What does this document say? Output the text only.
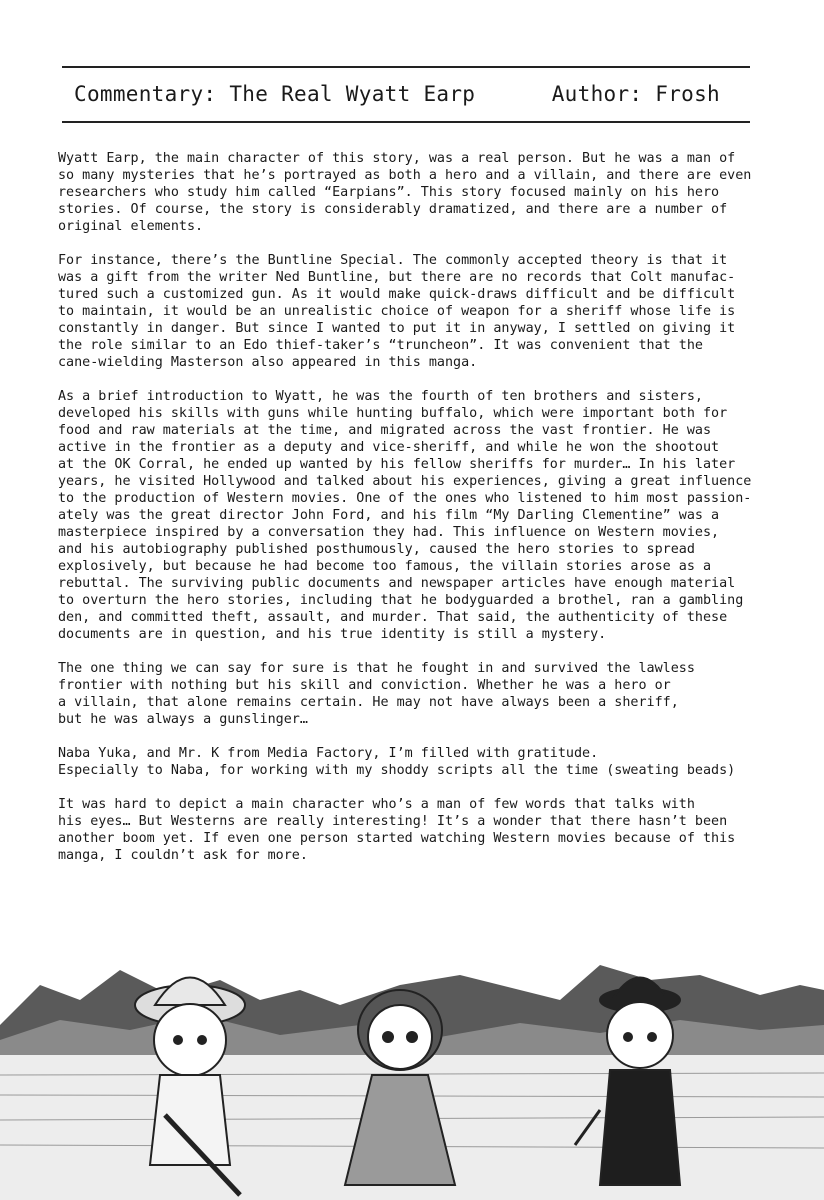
Commentary: The Real Wyatt Earp	Author: Frosh

Wyatt Earp, the main character of this story, was a real person. But he was a man of
so many mysteries that he’s portrayed as both a hero and a villain, and there are even
researchers who study him called “Earpians”. This story focused mainly on his hero
stories. Of course, the story is considerably dramatized, and there are a number of
original elements.

For instance, there’s the Buntline Special. The commonly accepted theory is that it
was a gift from the writer Ned Buntline, but there are no records that Colt manufac-
tured such a customized gun. As it would make quick-draws difficult and be difficult
to maintain, it would be an unrealistic choice of weapon for a sheriff whose life is
constantly in danger. But since I wanted to put it in anyway, I settled on giving it
the role similar to an Edo thief-taker’s “truncheon”. It was convenient that the
cane-wielding Masterson also appeared in this manga.

As a brief introduction to Wyatt, he was the fourth of ten brothers and sisters,
developed his skills with guns while hunting buffalo, which were important both for
food and raw materials at the time, and migrated across the vast frontier. He was
active in the frontier as a deputy and vice-sheriff, and while he won the shootout
at the OK Corral, he ended up wanted by his fellow sheriffs for murder… In his later
years, he visited Hollywood and talked about his experiences, giving a great influence
to the production of Western movies. One of the ones who listened to him most passion-
ately was the great director John Ford, and his film “My Darling Clementine” was a
masterpiece inspired by a conversation they had. This influence on Western movies,
and his autobiography published posthumously, caused the hero stories to spread
explosively, but because he had become too famous, the villain stories arose as a
rebuttal. The surviving public documents and newspaper articles have enough material
to overturn the hero stories, including that he bodyguarded a brothel, ran a gambling
den, and committed theft, assault, and murder. That said, the authenticity of these
documents are in question, and his true identity is still a mystery.

The one thing we can say for sure is that he fought in and survived the lawless
frontier with nothing but his skill and conviction. Whether he was a hero or
a villain, that alone remains certain. He may not have always been a sheriff,
but he was always a gunslinger…

Naba Yuka, and Mr. K from Media Factory, I’m filled with gratitude.
Especially to Naba, for working with my shoddy scripts all the time (sweating beads)

It was hard to depict a main character who’s a man of few words that talks with
his eyes… But Westerns are really interesting! It’s a wonder that there hasn’t been
another boom yet. If even one person started watching Western movies because of this
manga, I couldn’t ask for more.
